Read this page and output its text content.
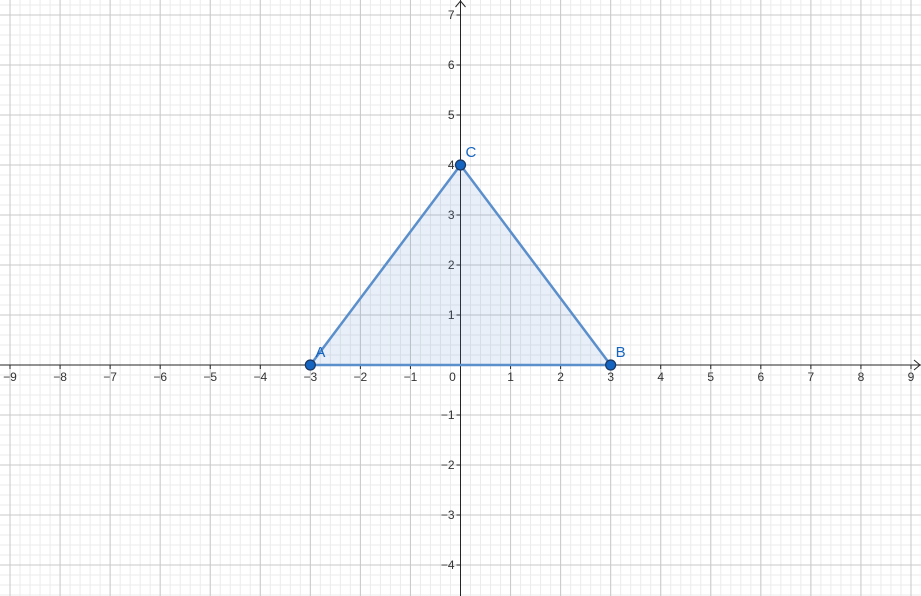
−9	−8	−7	−6	−5	−4	−3	−2	−1	0	1	2	3	4	5	6	7	8	9
7
6
5
4
3
2
1
−1
−2
−3
−4
A	B
C
